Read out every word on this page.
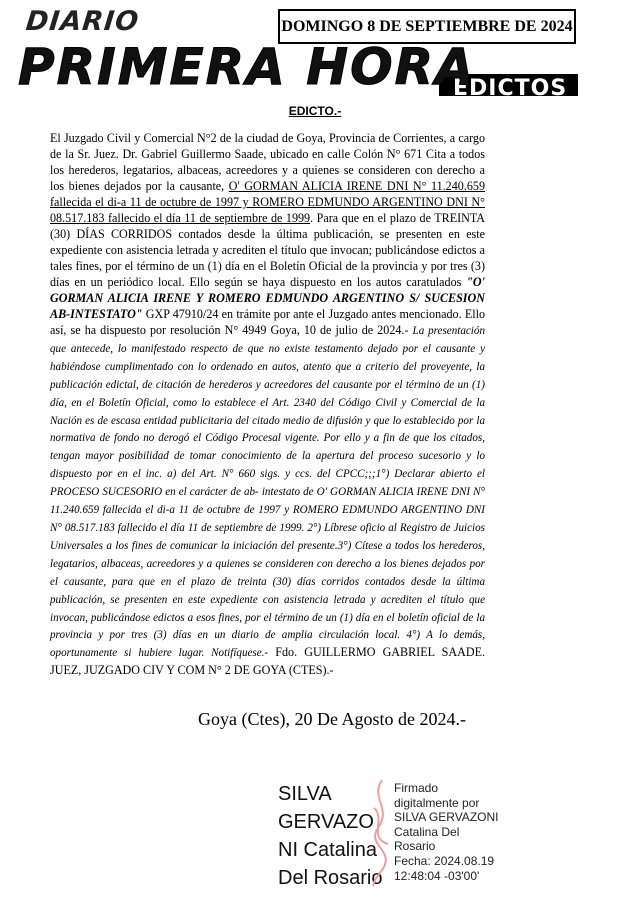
DIARIO	DOMINGO 8 DE SEPTIEMBRE DE 2024
PRIMERA HORA
EDICTOS
EDICTO.-
El Juzgado Civil y Comercial N°2 de la ciudad de Goya, Provincia de Corrientes, a cargo de la Sr. Juez. Dr. Gabriel Guillermo Saade, ubicado en calle Colón N° 671 Cita a todos los herederos, legatarios, albaceas, acreedores y a quienes se consideren con derecho a los bienes dejados por la causante, O' GORMAN ALICIA IRENE DNI N° 11.240.659 fallecida el di-a 11 de octubre de 1997 y ROMERO EDMUNDO ARGENTINO DNI N° 08.517.183 fallecido el día 11 de septiembre de 1999. Para que en el plazo de TREINTA (30) DÍAS CORRIDOS contados desde la última publicación, se presenten en este expediente con asistencia letrada y acrediten el título que invocan; publicándose edictos a tales fines, por el término de un (1) día en el Boletín Oficial de la provincia y por tres (3) días en un periódico local. Ello según se haya dispuesto en los autos caratulados "O' GORMAN ALICIA IRENE Y ROMERO EDMUNDO ARGENTINO S/ SUCESION AB-INTESTATO" GXP 47910/24 en trámite por ante el Juzgado antes mencionado. Ello así, se ha dispuesto por resolución N° 4949 Goya, 10 de julio de 2024.- La presentación que antecede, lo manifestado respecto de que no existe testamento dejado por el causante y habiéndose cumplimentado con lo ordenado en autos, atento que a criterio del proveyente, la publicación edictal, de citación de herederos y acreedores del causante por el término de un (1) día, en el Boletín Oficial, como lo establece el Art. 2340 del Código Civil y Comercial de la Nación es de escasa entidad publicitaria del citado medio de difusión y que lo establecido por la normativa de fondo no derogó el Código Procesal vigente. Por ello y a fin de que los citados, tengan mayor posibilidad de tomar conocimiento de la apertura del proceso sucesorio y lo dispuesto por en el inc. a) del Art. N° 660 sigs. y ccs. del CPCC;;;1°) Declarar abierto el PROCESO SUCESORIO en el carácter de ab- intestato de O' GORMAN ALICIA IRENE DNI N° 11.240.659 fallecida el di-a 11 de octubre de 1997 y ROMERO EDMUNDO ARGENTINO DNI N° 08.517.183 fallecido el día 11 de septiembre de 1999. 2°) Líbrese oficio al Registro de Juicios Universales a los fines de comunicar la iniciación del presente.3°) Cítese a todos los herederos, legatarios, albaceas, acreedores y a quienes se consideren con derecho a los bienes dejados por el causante, para que en el plazo de treinta (30) días corridos contados desde la última publicación, se presenten en este expediente con asistencia letrada y acrediten el título que invocan, publicándose edictos a esos fines, por el término de un (1) día en el boletín oficial de la provincia y por tres (3) días en un diario de amplia circulación local. 4°) A lo demás, oportunamente si hubiere lugar. Notifíquese.- Fdo. GUILLERMO GABRIEL SAADE. JUEZ, JUZGADO CIV Y COM N° 2 DE GOYA (CTES).-
Goya (Ctes), 20 De Agosto de 2024.-
SILVA
GERVAZO
NI Catalina
Del Rosario
Firmado
digitalmente por
SILVA GERVAZONI
Catalina Del
Rosario
Fecha: 2024.08.19
12:48:04 -03'00'
